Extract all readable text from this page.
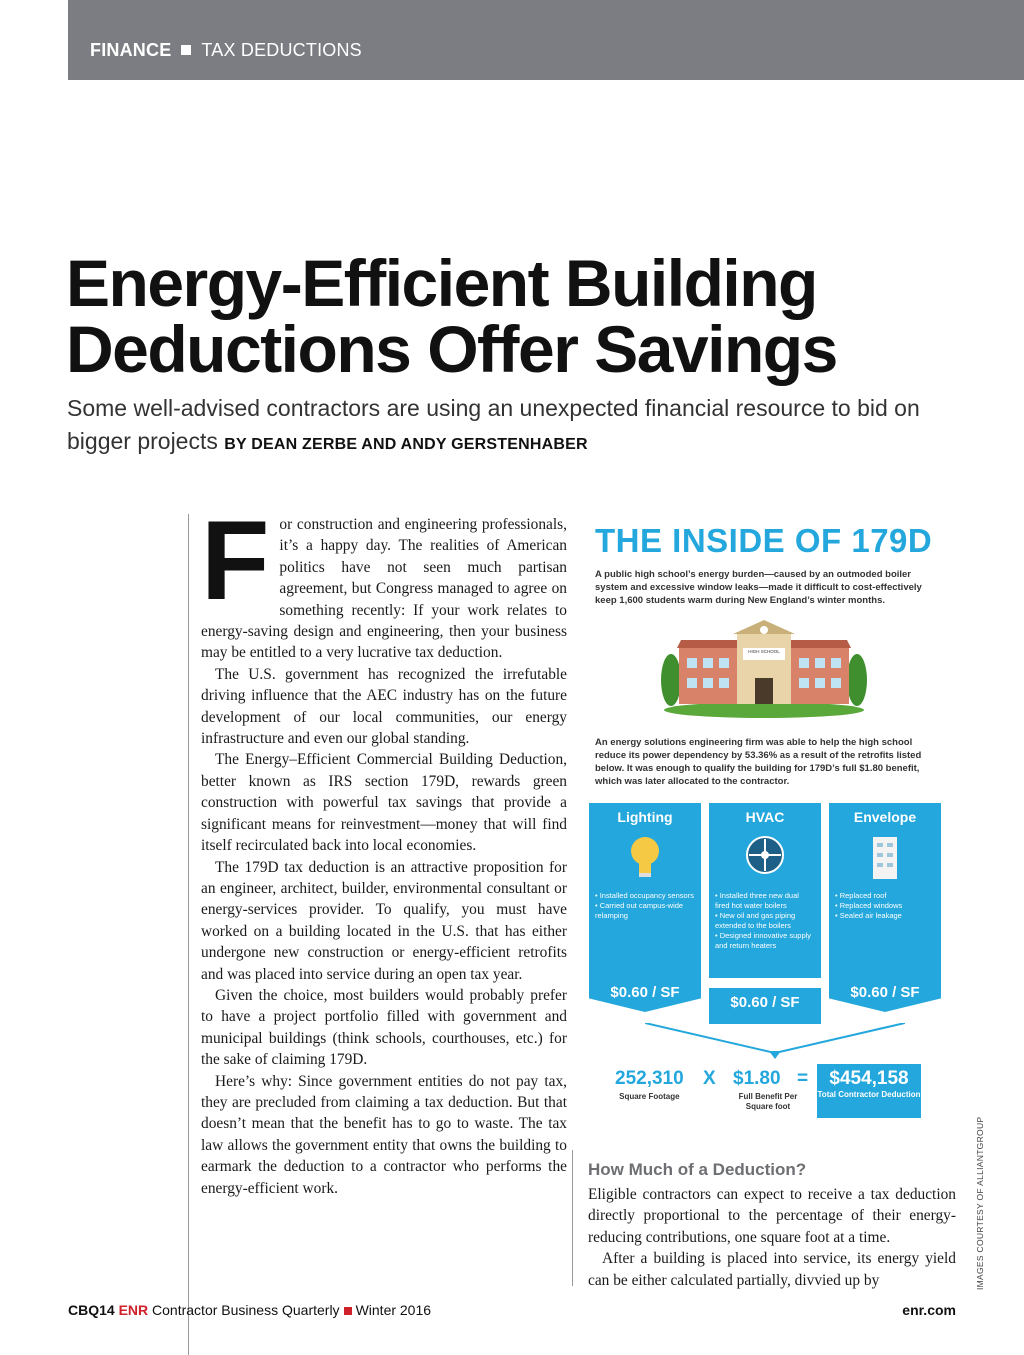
FINANCE TAX DEDUCTIONS
Energy-Efficient Building
Deductions Offer Savings
Some well-advised contractors are using an unexpected financial resource to bid on bigger projects BY DEAN ZERBE AND ANDY GERSTENHABER

For construction and engineering professionals, it’s a happy day. The realities of American politics have not seen much partisan agreement, but Congress managed to agree on something recently: If your work relates to energy-saving design and engineering, then your business may be entitled to a very lucrative tax deduction.

The U.S. government has recognized the irrefutable driving influence that the AEC industry has on the future development of our local communities, our energy infrastructure and even our global standing.

The Energy–Efficient Commercial Building Deduction, better known as IRS section 179D, rewards green construction with powerful tax savings that provide a significant means for reinvestment—money that will find itself recirculated back into local economies.

The 179D tax deduction is an attractive proposition for an engineer, architect, builder, environmental consultant or energy-services provider. To qualify, you must have worked on a building located in the U.S. that has either undergone new construction or energy-efficient retrofits and was placed into service during an open tax year.

Given the choice, most builders would probably prefer to have a project portfolio filled with government and municipal buildings (think schools, courthouses, etc.) for the sake of claiming 179D.

Here’s why: Since government entities do not pay tax, they are precluded from claiming a tax deduction. But that doesn’t mean that the benefit has to go to waste. The tax law allows the government entity that owns the building to earmark the deduction to a contractor who performs the energy-efficient work.

THE INSIDE OF 179D
A public high school’s energy burden—caused by an outmoded boiler system and excessive window leaks—made it difficult to cost-effectively keep 1,600 students warm during New England’s winter months.
HIGH SCHOOL
An energy solutions engineering firm was able to help the high school reduce its power dependency by 53.36% as a result of the retrofits listed below. It was enough to qualify the building for 179D’s full $1.80 benefit, which was later allocated to the contractor.
Lighting
• Installed occupancy sensors
• Carried out campus-wide relamping
$0.60 / SF
HVAC
• Installed three new dual fired hot water boilers
• New oil and gas piping extended to the boilers
• Designed innovative supply and return heaters
$0.60 / SF
Envelope
• Replaced roof
• Replaced windows
• Sealed air leakage
$0.60 / SF
252,310
Square Footage
X $1.80
Full Benefit Per Square foot
=	$454,158
Total Contractor Deduction
IMAGES COURTESY OF ALLIANTGROUP
How Much of a Deduction?

Eligible contractors can expect to receive a tax deduction directly proportional to the percentage of their energy-reducing contributions, one square foot at a time.

After a building is placed into service, its energy yield can be either calculated partially, divvied up by

CBQ14 ENR Contractor Business Quarterly Winter 2016	enr.com
